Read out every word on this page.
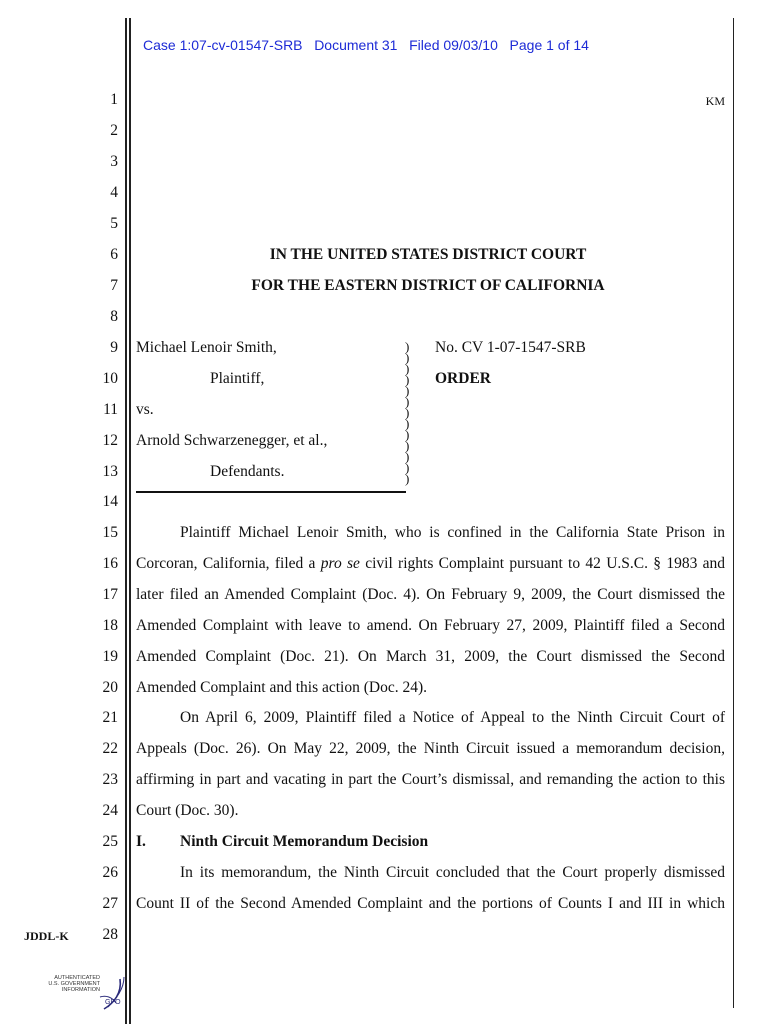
Case 1:07-cv-01547-SRB   Document 31   Filed 09/03/10   Page 1 of 14
KM
1
2
3
4
5
6
7
8
9
10
11
12
13
14
15
16
17
18
19
20
21
22
23
24
25
26
27
28
IN THE UNITED STATES DISTRICT COURT
FOR THE EASTERN DISTRICT OF CALIFORNIA
Michael Lenoir Smith,
Plaintiff,
vs.
Arnold Schwarzenegger, et al.,
Defendants.
)
)
)
)
)
)
)
)
)
)
)
)
)
No. CV 1-07-1547-SRB
ORDER
Plaintiff Michael Lenoir Smith, who is confined in the California State Prison in
Corcoran, California, filed a pro se civil rights Complaint pursuant to 42 U.S.C. § 1983 and
later filed an Amended Complaint (Doc. 4). On February 9, 2009, the Court dismissed the
Amended Complaint with leave to amend. On February 27, 2009, Plaintiff filed a Second
Amended Complaint (Doc. 21). On March 31, 2009, the Court dismissed the Second
Amended Complaint and this action (Doc. 24).
On April 6, 2009, Plaintiff filed a Notice of Appeal to the Ninth Circuit Court of
Appeals (Doc. 26). On May 22, 2009, the Ninth Circuit issued a memorandum decision,
affirming in part and vacating in part the Court’s dismissal, and remanding the action to this
Court (Doc. 30).
I.	Ninth Circuit Memorandum Decision
In its memorandum, the Ninth Circuit concluded that the Court properly dismissed
Count II of the Second Amended Complaint and the portions of Counts I and III in which
JDDL-K
AUTHENTICATED
U.S. GOVERNMENT
INFORMATION
GPO
